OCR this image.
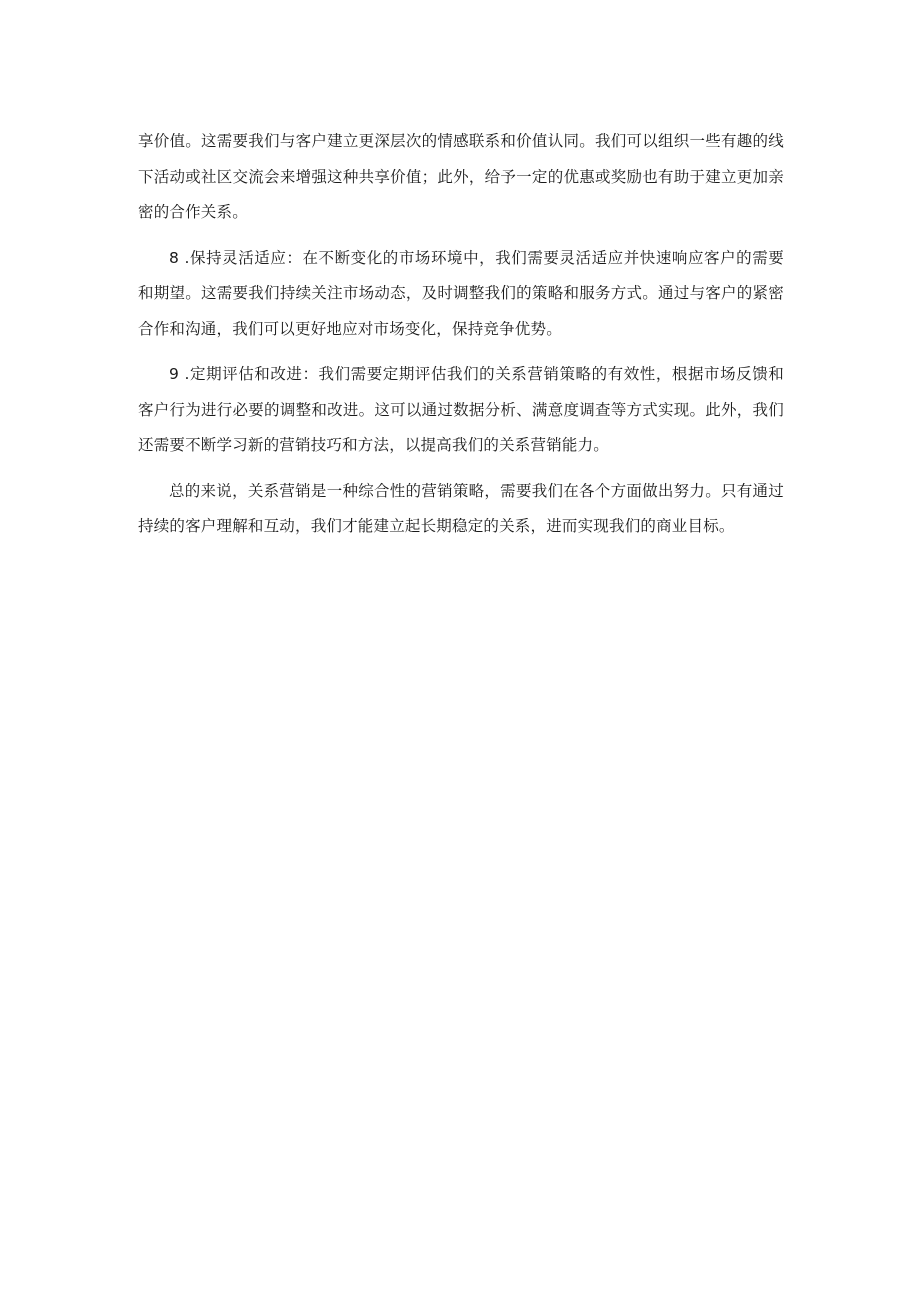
享价值。这需要我们与客户建立更深层次的情感联系和价值认同。我们可以组织一些有趣的线下活动或社区交流会来增强这种共享价值；此外，给予一定的优惠或奖励也有助于建立更加亲密的合作关系。

8 .保持灵活适应：在不断变化的市场环境中，我们需要灵活适应并快速响应客户的需要和期望。这需要我们持续关注市场动态，及时调整我们的策略和服务方式。通过与客户的紧密合作和沟通，我们可以更好地应对市场变化，保持竞争优势。

9 .定期评估和改进：我们需要定期评估我们的关系营销策略的有效性，根据市场反馈和客户行为进行必要的调整和改进。这可以通过数据分析、满意度调查等方式实现。此外，我们还需要不断学习新的营销技巧和方法，以提高我们的关系营销能力。

总的来说，关系营销是一种综合性的营销策略，需要我们在各个方面做出努力。只有通过持续的客户理解和互动，我们才能建立起长期稳定的关系，进而实现我们的商业目标。
